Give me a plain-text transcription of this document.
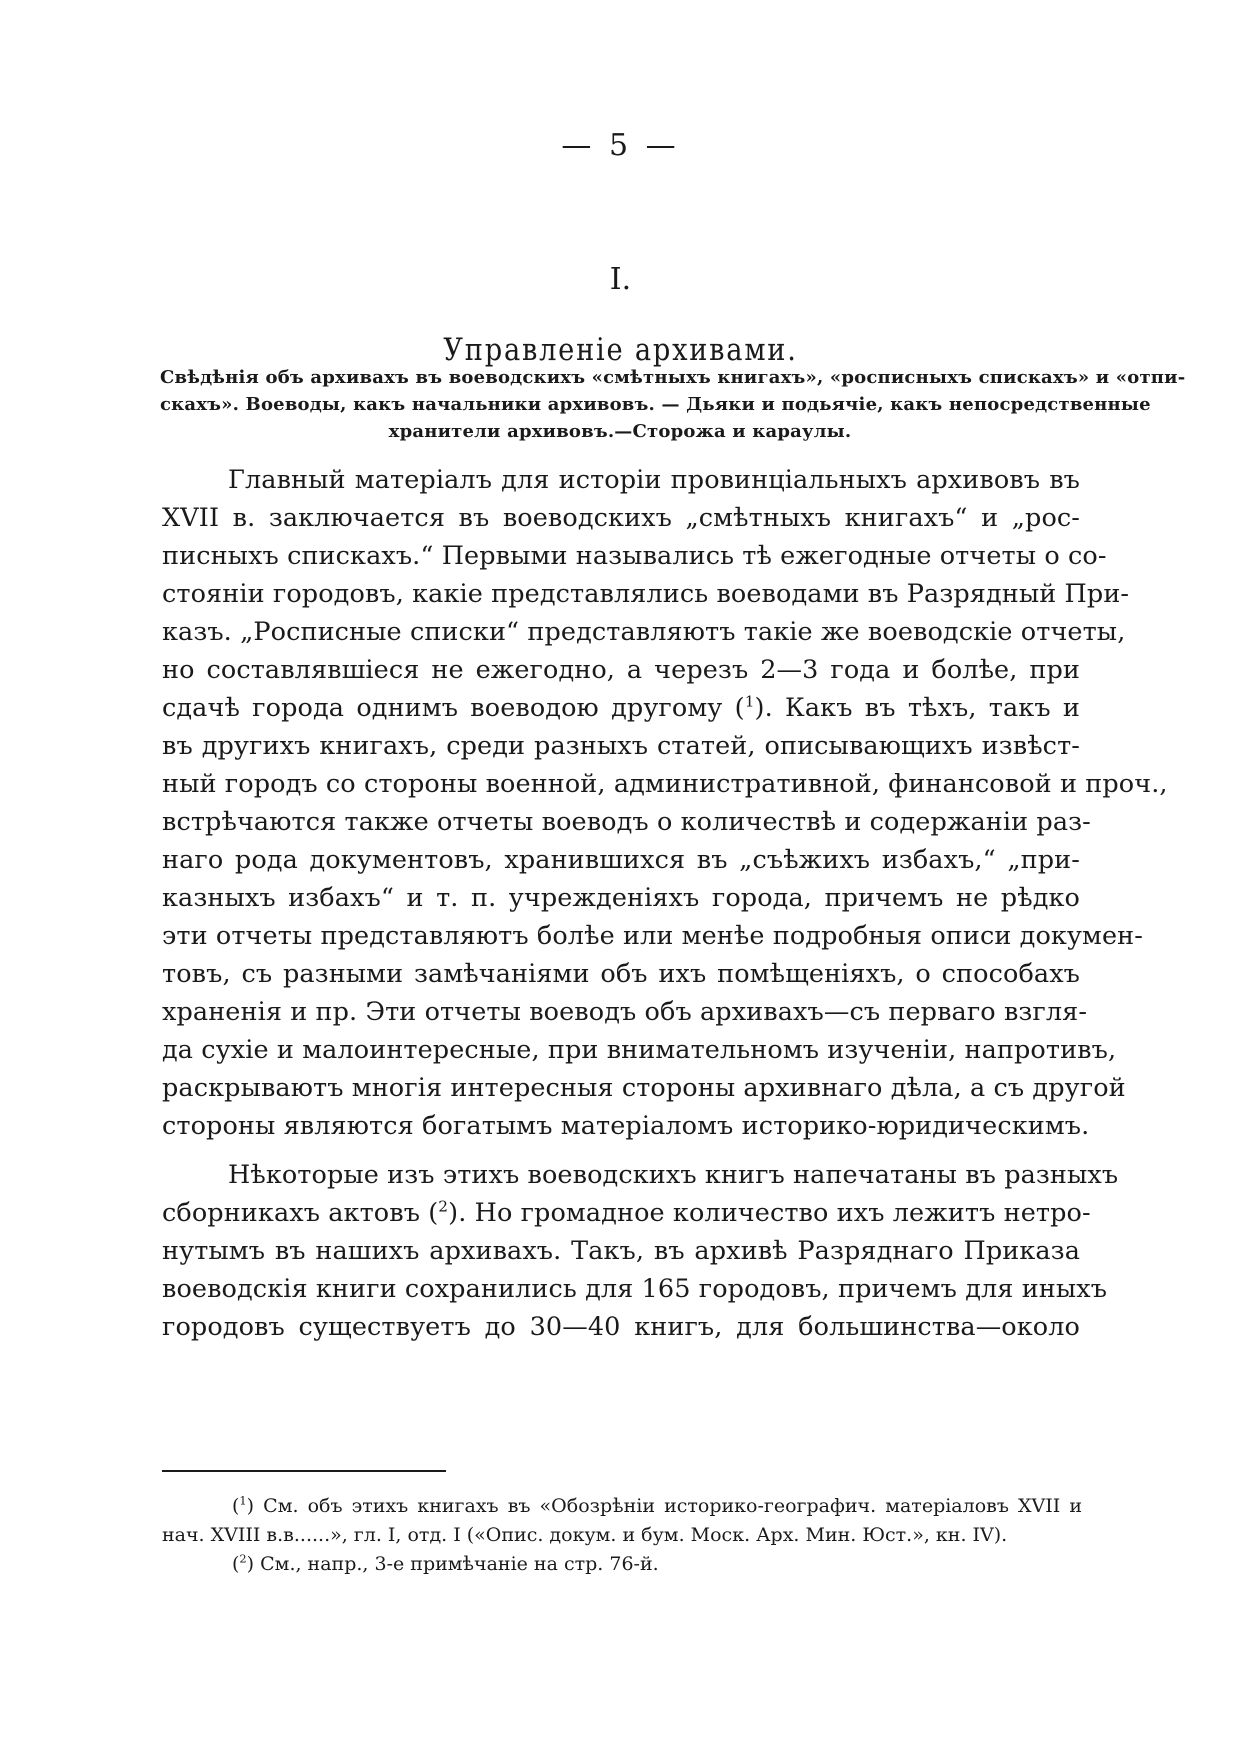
— 5 —
I.
Управленіе архивами.
Свѣдѣнія объ архивахъ въ воеводскихъ «смѣтныхъ книгахъ», «росписныхъ спискахъ» и «отпи-
скахъ». Воеводы, какъ начальники архивовъ. — Дьяки и подьячіе, какъ непосредственные
хранители архивовъ.—Сторожа и караулы.
Главный матеріалъ для исторіи провинціальныхъ архивовъ въ
XVII в. заключается въ воеводскихъ „смѣтныхъ книгахъ“ и „рос-
писныхъ спискахъ.“ Первыми назывались тѣ ежегодные отчеты о со-
стояніи городовъ, какіе представлялись воеводами въ Разрядный При-
казъ. „Росписные списки“ представляютъ такіе же воеводскіе отчеты,
но составлявшіеся не ежегодно, а черезъ 2—3 года и болѣе, при
сдачѣ города однимъ воеводою другому ($^1$). Какъ въ тѣхъ, такъ и
въ другихъ книгахъ, среди разныхъ статей, описывающихъ извѣст-
ный городъ со стороны военной, административной, финансовой и проч.,
встрѣчаются также отчеты воеводъ о количествѣ и содержаніи раз-
наго рода документовъ, хранившихся въ „съѣжихъ избахъ,“ „при-
казныхъ избахъ“ и т. п. учрежденіяхъ города, причемъ не рѣдко
эти отчеты представляютъ болѣе или менѣе подробныя описи докумен-
товъ, съ разными замѣчаніями объ ихъ помѣщеніяхъ, о способахъ
храненія и пр. Эти отчеты воеводъ объ архивахъ—съ перваго взгля-
да сухіе и малоинтересные, при внимательномъ изученіи, напротивъ,
раскрываютъ многія интересныя стороны архивнаго дѣла, а съ другой
стороны являются богатымъ матеріаломъ историко-юридическимъ.
Нѣкоторые изъ этихъ воеводскихъ книгъ напечатаны въ разныхъ
сборникахъ актовъ ($^2$). Но громадное количество ихъ лежитъ нетро-
нутымъ въ нашихъ архивахъ. Такъ, въ архивѣ Разряднаго Приказа
воеводскія книги сохранились для 165 городовъ, причемъ для иныхъ
городовъ существуетъ до 30—40 книгъ, для большинства—около
($^1$) См. объ этихъ книгахъ въ «Обозрѣніи историко-географич. матеріаловъ XVII и
нач. XVIII в.в......», гл. I, отд. I («Опис. докум. и бум. Моск. Арх. Мин. Юст.», кн. IV).
($^2$) См., напр., 3-е примѣчаніе на стр. 76-й.
